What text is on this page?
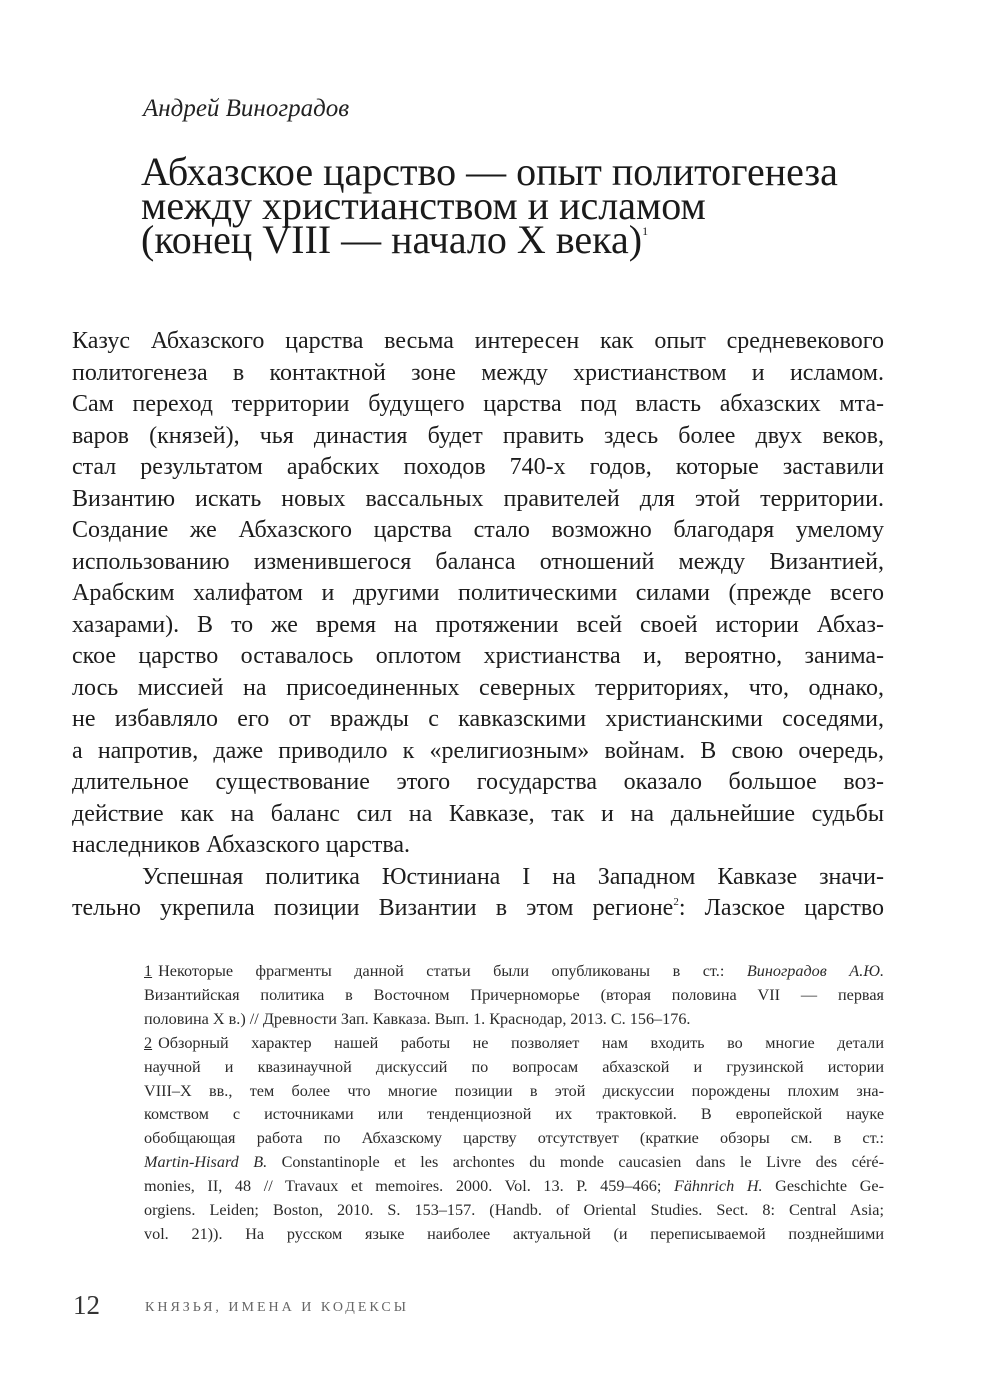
Андрей Виноградов
Абхазское царство — опыт политогенеза
между христианством и исламом
(конец VIII — начало X века)$^1$
Казус Абхазского царства весьма интересен как опыт средневекового
политогенеза в контактной зоне между христианством и исламом.
Сам переход территории будущего царства под власть абхазских мта-
варов (князей), чья династия будет править здесь более двух веков,
стал результатом арабских походов 740-х годов, которые заставили
Византию искать новых вассальных правителей для этой территории.
Создание же Абхазского царства стало возможно благодаря умелому
использованию изменившегося баланса отношений между Византией,
Арабским халифатом и другими политическими силами (прежде всего
хазарами). В то же время на протяжении всей своей истории Абхаз-
ское царство оставалось оплотом христианства и, вероятно, занима-
лось миссией на присоединенных северных территориях, что, однако,
не избавляло его от вражды с кавказскими христианскими соседями,
а напротив, даже приводило к «религиозным» войнам. В свою очередь,
длительное существование этого государства оказало большое воз-
действие как на баланс сил на Кавказе, так и на дальнейшие судьбы
наследников Абхазского царства.
Успешная политика Юстиниана I на Западном Кавказе значи-
тельно укрепила позиции Византии в этом регионе$^2$: Лазское царство
1 Некоторые фрагменты данной статьи были опубликованы в ст.: Виноградов А.Ю.
Византийская политика в Восточном Причерноморье (вторая половина VII — первая
половина X в.) // Древности Зап. Кавказа. Вып. 1. Краснодар, 2013. С. 156–176.
2 Обзорный характер нашей работы не позволяет нам входить во многие детали
научной и квазинаучной дискуссий по вопросам абхазской и грузинской истории
VIII–X вв., тем более что многие позиции в этой дискуссии порождены плохим зна-
комством с источниками или тенденциозной их трактовкой. В европейской науке
обобщающая работа по Абхазскому царству отсутствует (краткие обзоры см. в ст.:
Martin-Hisard B. Constantinople et les archontes du monde caucasien dans le Livre des céré-
monies, II, 48 // Travaux et memoires. 2000. Vol. 13. P. 459–466; Fähnrich H. Geschichte Ge-
orgiens. Leiden; Boston, 2010. S. 153–157. (Handb. of Oriental Studies. Sect. 8: Central Asia;
vol. 21)). На русском языке наиболее актуальной (и переписываемой позднейшими
12	КНЯЗЬЯ, ИМЕНА И КОДЕКСЫ
